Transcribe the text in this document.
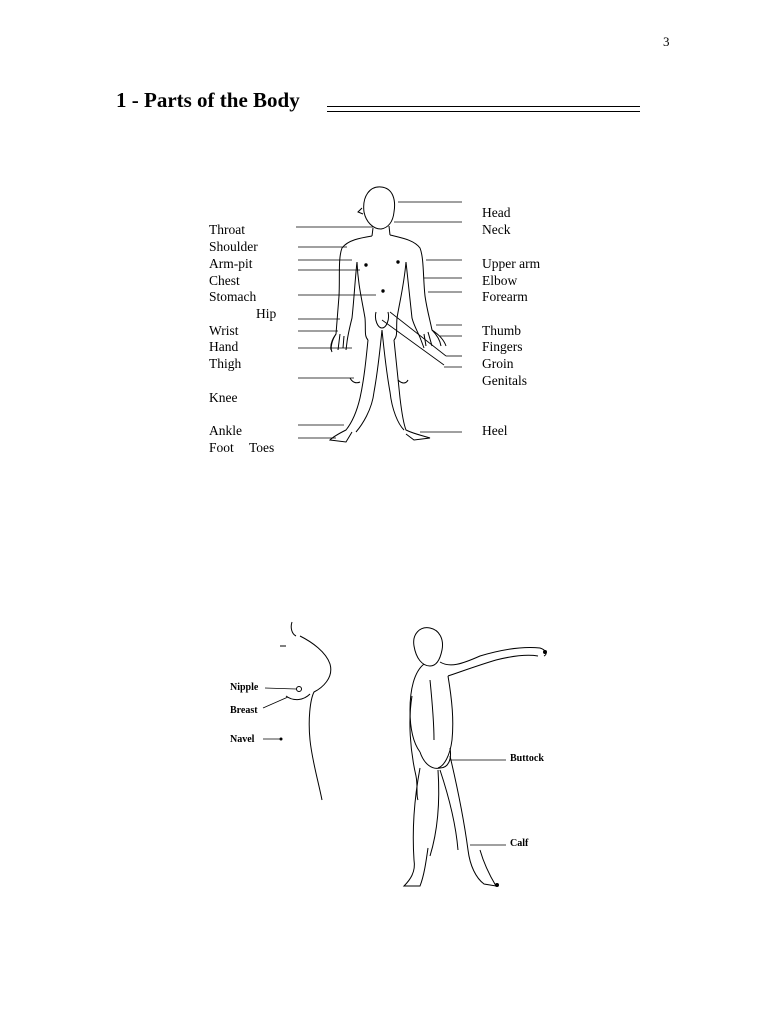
3
1 - Parts of the Body
Throat
Shoulder
Arm-pit
Chest
Stomach
Hip
Wrist
Hand
Thigh
Knee
Ankle
Foot Toes
Head
Neck
Upper arm
Elbow
Forearm
Thumb
Fingers
Groin
Genitals
Heel
Nipple
Breast
Navel
Buttock
Calf
